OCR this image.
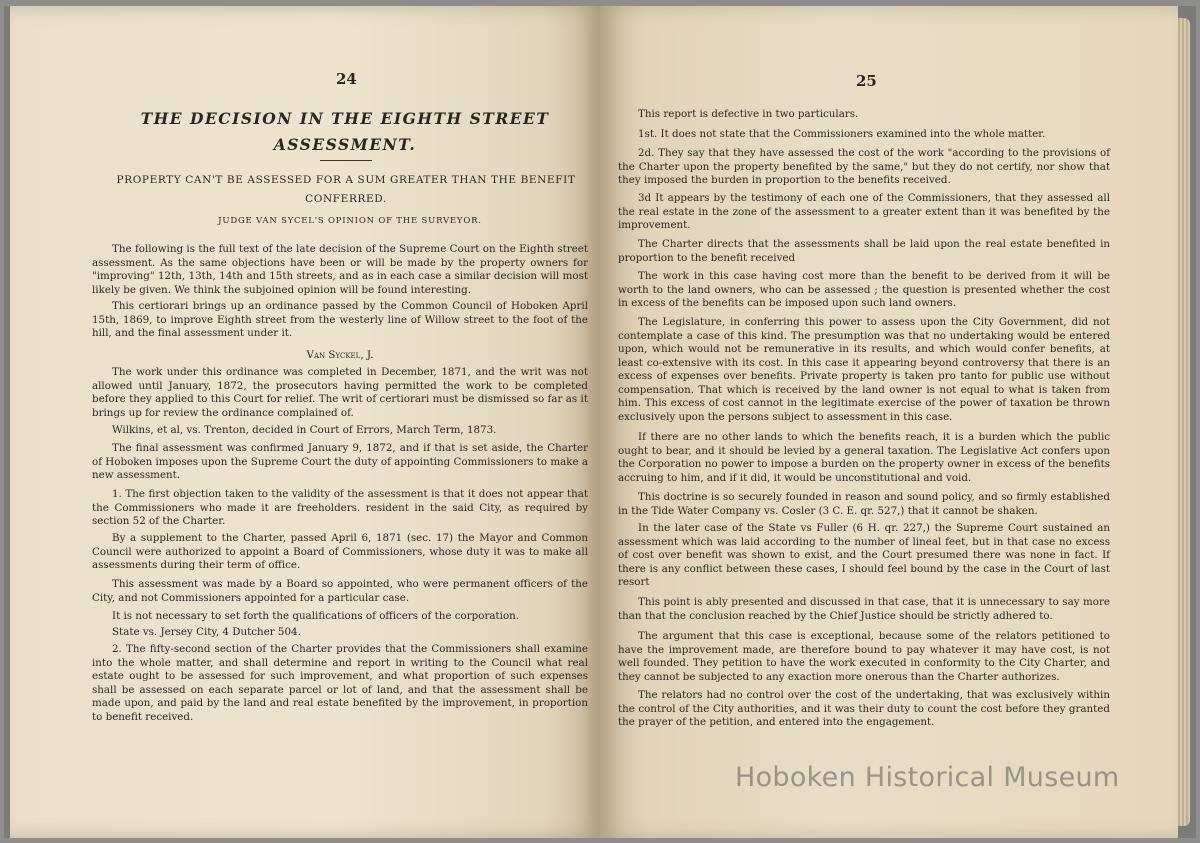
24
THE DECISION IN THE EIGHTH STREET ASSESSMENT.
PROPERTY CAN'T BE ASSESSED FOR A SUM GREATER THAN THE BENEFIT CONFERRED.
JUDGE VAN SYCEL'S OPINION OF THE SURVEYOR.

The following is the full text of the late decision of the Supreme Court on the Eighth street assessment. As the same objections have been or will be made by the property owners for "improving" 12th, 13th, 14th and 15th streets, and as in each case a similar decision will most likely be given. We think the subjoined opinion will be found interesting.

This certiorari brings up an ordinance passed by the Common Council of Hoboken April 15th, 1869, to improve Eighth street from the westerly line of Willow street to the foot of the hill, and the final assessment under it.

Van Syckel, J.

The work under this ordinance was completed in December, 1871, and the writ was not allowed until January, 1872, the prosecutors having permitted the work to be completed before they applied to this Court for relief. The writ of certiorari must be dismissed so far as it brings up for review the ordinance complained of.

Wilkins, et al, vs. Trenton, decided in Court of Errors, March Term, 1873.

The final assessment was confirmed January 9, 1872, and if that is set aside, the Charter of Hoboken imposes upon the Supreme Court the duty of appointing Commissioners to make a new assessment.

1. The first objection taken to the validity of the assessment is that it does not appear that the Commissioners who made it are freeholders. resident in the said City, as required by section 52 of the Charter.

By a supplement to the Charter, passed April 6, 1871 (sec. 17) the Mayor and Common Council were authorized to appoint a Board of Commissioners, whose duty it was to make all assessments during their term of office.

This assessment was made by a Board so appointed, who were permanent officers of the City, and not Commissioners appointed for a particular case.

It is not necessary to set forth the qualifications of officers of the corporation.

State vs. Jersey City, 4 Dutcher 504.

2. The fifty-second section of the Charter provides that the Commissioners shall examine into the whole matter, and shall determine and report in writing to the Council what real estate ought to be assessed for such improvement, and what proportion of such expenses shall be assessed on each separate parcel or lot of land, and that the assessment shall be made upon, and paid by the land and real estate benefited by the improvement, in proportion to benefit received.

25

This report is defective in two particulars.

1st. It does not state that the Commissioners examined into the whole matter.

2d. They say that they have assessed the cost of the work "according to the provisions of the Charter upon the property benefited by the same," but they do not certify, nor show that they imposed the burden in proportion to the benefits received.

3d It appears by the testimony of each one of the Commissioners, that they assessed all the real estate in the zone of the assessment to a greater extent than it was benefited by the improvement.

The Charter directs that the assessments shall be laid upon the real estate benefited in proportion to the benefit received

The work in this case having cost more than the benefit to be derived from it will be worth to the land owners, who can be assessed ; the question is presented whether the cost in excess of the benefits can be imposed upon such land owners.

The Legislature, in conferring this power to assess upon the City Government, did not contemplate a case of this kind. The presumption was that no undertaking would be entered upon, which would not be remunerative in its results, and which would confer benefits, at least co-extensive with its cost. In this case it appearing beyond controversy that there is an excess of expenses over benefits. Private property is taken pro tanto for public use without compensation. That which is received by the land owner is not equal to what is taken from him. This excess of cost cannot in the legitimate exercise of the power of taxation be thrown exclusively upon the persons subject to assessment in this case.

If there are no other lands to which the benefits reach, it is a burden which the public ought to bear, and it should be levied by a general taxation. The Legislative Act confers upon the Corporation no power to impose a burden on the property owner in excess of the benefits accruing to him, and if it did, it would be unconstitutional and void.

This doctrine is so securely founded in reason and sound policy, and so firmly established in the Tide Water Company vs. Cosler (3 C. E. qr. 527,) that it cannot be shaken.

In the later case of the State vs Fuller (6 H. qr. 227,) the Supreme Court sustained an assessment which was laid according to the number of lineal feet, but in that case no excess of cost over benefit was shown to exist, and the Court presumed there was none in fact. If there is any conflict between these cases, I should feel bound by the case in the Court of last resort

This point is ably presented and discussed in that case, that it is unnecessary to say more than that the conclusion reached by the Chief Justice should be strictly adhered to.

The argument that this case is exceptional, because some of the relators petitioned to have the improvement made, are therefore bound to pay whatever it may have cost, is not well founded. They petition to have the work executed in conformity to the City Charter, and they cannot be subjected to any exaction more onerous than the Charter authorizes.

The relators had no control over the cost of the undertaking, that was exclusively within the control of the City authorities, and it was their duty to count the cost before they granted the prayer of the petition, and entered into the engagement.

Hoboken Historical Museum
